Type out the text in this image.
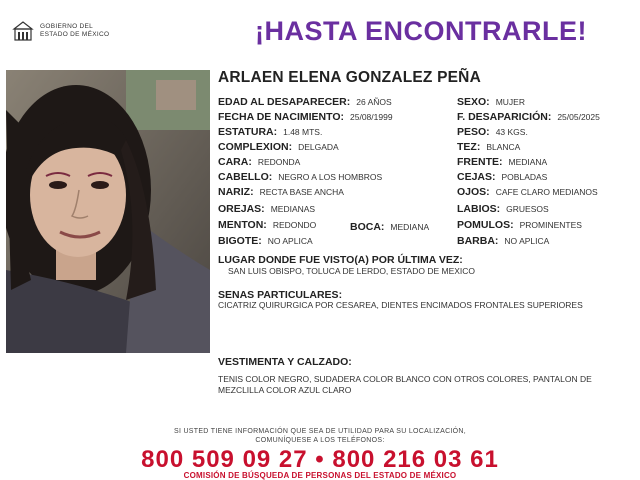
GOBIERNO DEL
ESTADO DE MÉXICO	¡HASTA ENCONTRARLE!
ARLAEN ELENA GONZALEZ PEÑA
EDAD AL DESAPARECER: 26 AÑOS
FECHA DE NACIMIENTO: 25/08/1999
ESTATURA: 1.48 MTS.
COMPLEXION: DELGADA
CARA: REDONDA
CABELLO: NEGRO A LOS HOMBROS
NARIZ: RECTA BASE ANCHA
OREJAS: MEDIANAS
MENTON: REDONDO	BOCA: MEDIANA
BIGOTE: NO APLICA
SEXO: MUJER
F. DESAPARICIÓN: 25/05/2025
PESO: 43 KGS.
TEZ: BLANCA
FRENTE: MEDIANA
CEJAS: POBLADAS
OJOS: CAFE CLARO MEDIANOS
LABIOS: GRUESOS
POMULOS: PROMINENTES
BARBA: NO APLICA
LUGAR DONDE FUE VISTO(A) POR ÚLTIMA VEZ:
SAN LUIS OBISPO, TOLUCA DE LERDO, ESTADO DE MEXICO
SENAS PARTICULARES:
CICATRIZ QUIRURGICA POR CESAREA, DIENTES ENCIMADOS FRONTALES SUPERIORES
VESTIMENTA Y CALZADO:
TENIS COLOR NEGRO, SUDADERA COLOR BLANCO CON OTROS COLORES, PANTALON DE MEZCLILLA COLOR AZUL CLARO
SI USTED TIENE INFORMACIÓN QUE SEA DE UTILIDAD PARA SU LOCALIZACIÓN,
COMUNÍQUESE A LOS TELÉFONOS:
800 509 09 27 • 800 216 03 61
COMISIÓN DE BÚSQUEDA DE PERSONAS DEL ESTADO DE MÉXICO
